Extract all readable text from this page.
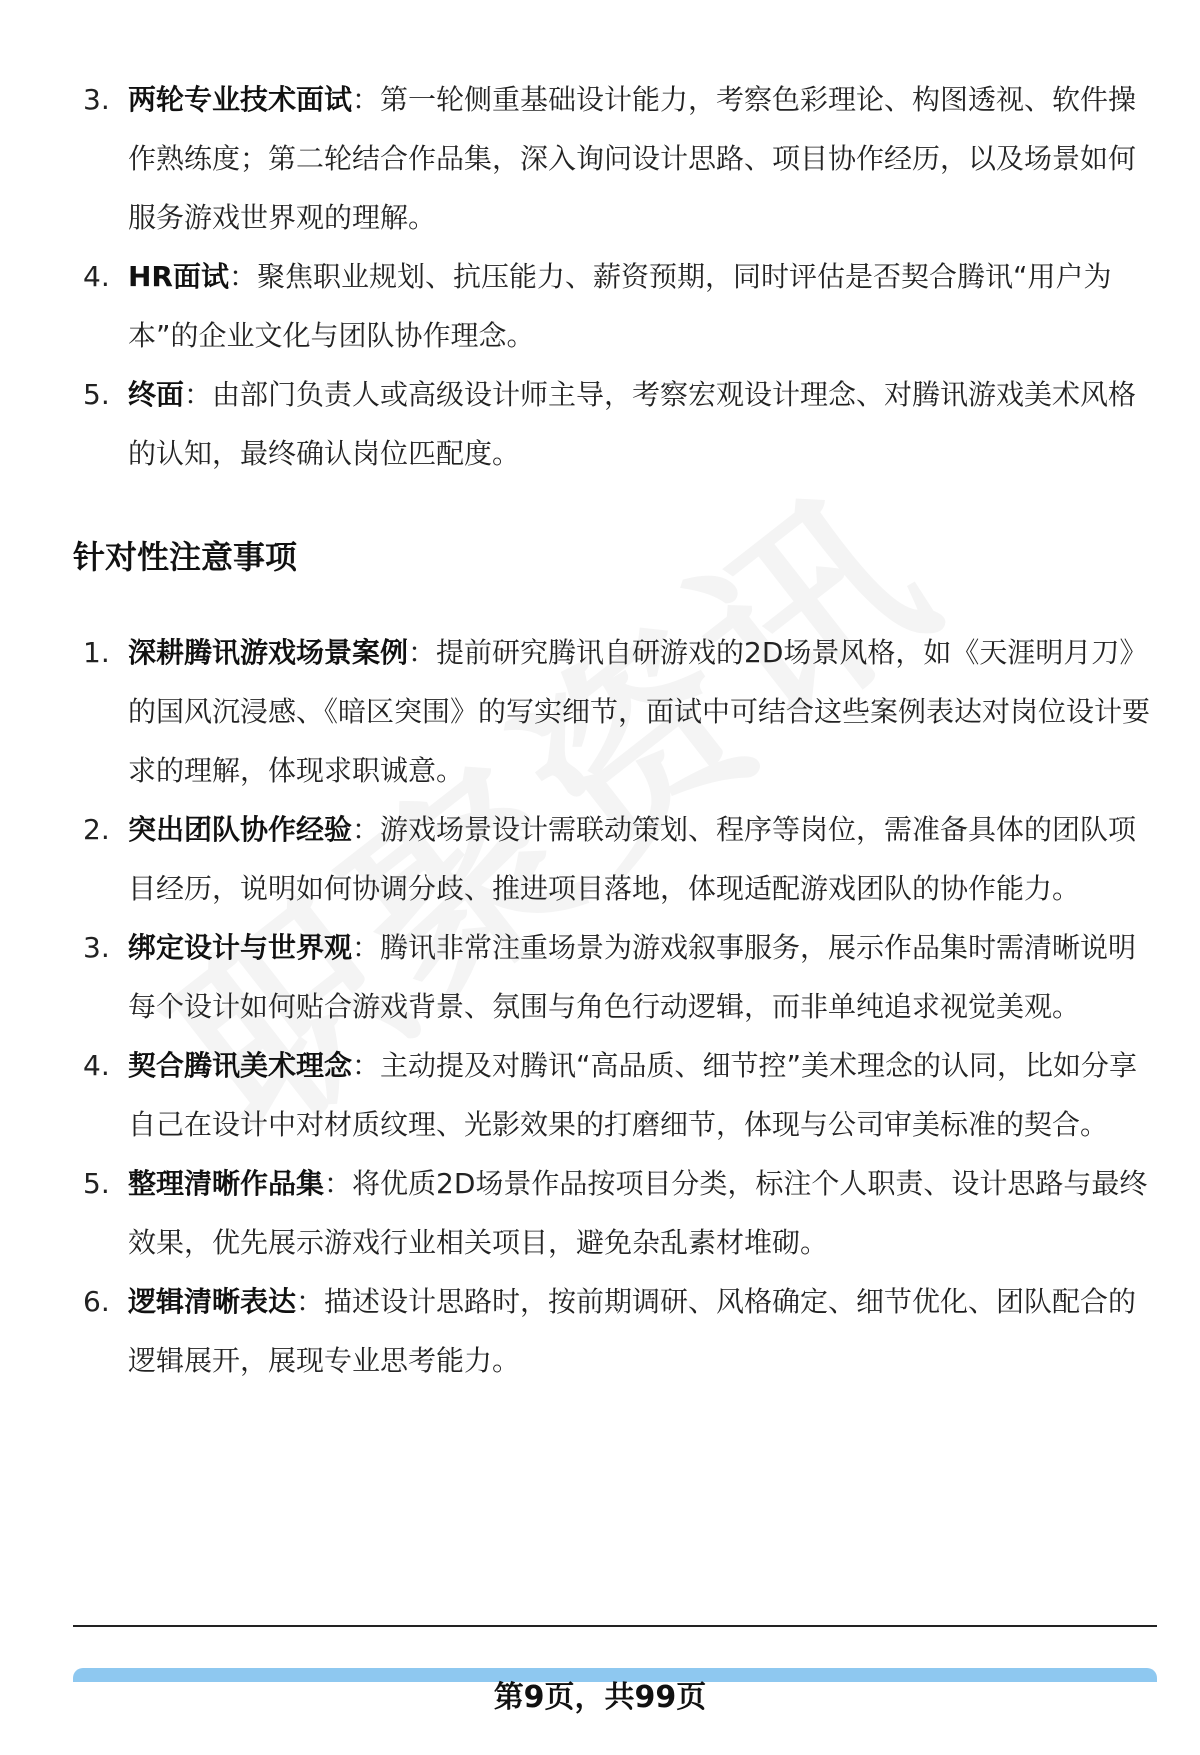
3. 两轮专业技术面试：第一轮侧重基础设计能力，考察色彩理论、构图透视、软件操作熟练度；第二轮结合作品集，深入询问设计思路、项目协作经历，以及场景如何服务游戏世界观的理解。
4. HR面试：聚焦职业规划、抗压能力、薪资预期，同时评估是否契合腾讯“用户为本”的企业文化与团队协作理念。
5. 终面：由部门负责人或高级设计师主导，考察宏观设计理念、对腾讯游戏美术风格的认知，最终确认岗位匹配度。
针对性注意事项
1. 深耕腾讯游戏场景案例：提前研究腾讯自研游戏的2D场景风格，如《天涯明月刀》的国风沉浸感、《暗区突围》的写实细节，面试中可结合这些案例表达对岗位设计要求的理解，体现求职诚意。
2. 突出团队协作经验：游戏场景设计需联动策划、程序等岗位，需准备具体的团队项目经历，说明如何协调分歧、推进项目落地，体现适配游戏团队的协作能力。
3. 绑定设计与世界观：腾讯非常注重场景为游戏叙事服务，展示作品集时需清晰说明每个设计如何贴合游戏背景、氛围与角色行动逻辑，而非单纯追求视觉美观。
4. 契合腾讯美术理念：主动提及对腾讯“高品质、细节控”美术理念的认同，比如分享自己在设计中对材质纹理、光影效果的打磨细节，体现与公司审美标准的契合。
5. 整理清晰作品集：将优质2D场景作品按项目分类，标注个人职责、设计思路与最终效果，优先展示游戏行业相关项目，避免杂乱素材堆砌。
6. 逻辑清晰表达：描述设计思路时，按前期调研、风格确定、细节优化、团队配合的逻辑展开，展现专业思考能力。
第9页，共99页
